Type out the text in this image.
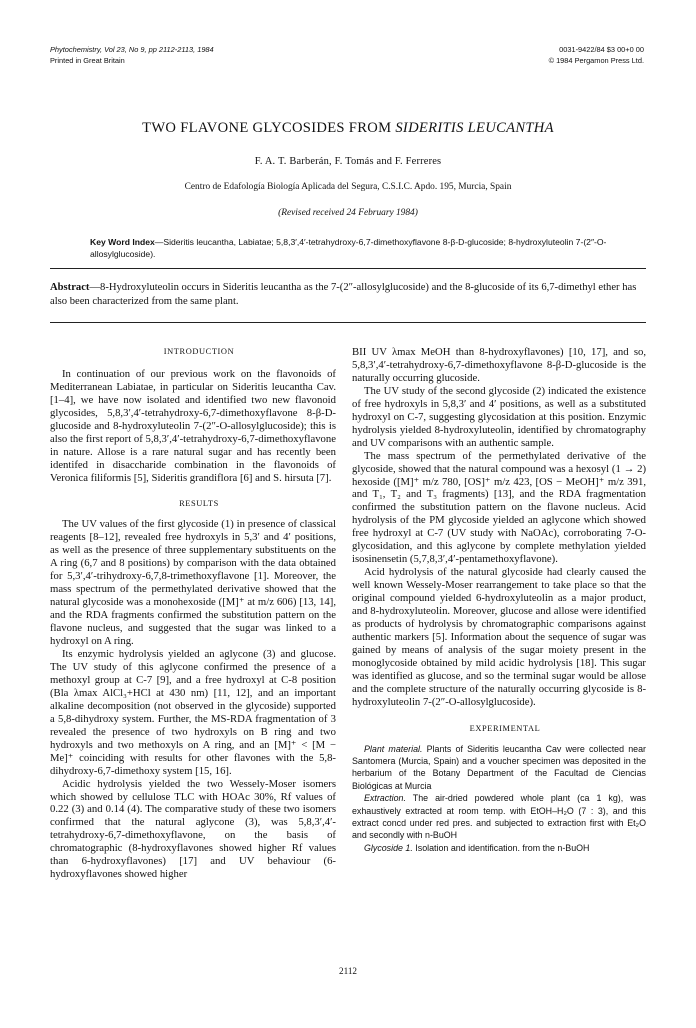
Phytochemistry, Vol 23, No 9, pp 2112-2113, 1984
Printed in Great Britain
0031-9422/84 $3 00+0 00
© 1984 Pergamon Press Ltd.
TWO FLAVONE GLYCOSIDES FROM SIDERITIS LEUCANTHA
F. A. T. Barberán, F. Tomás and F. Ferreres
Centro de Edafología Biología Aplicada del Segura, C.S.I.C. Apdo. 195, Murcia, Spain
(Revised received 24 February 1984)
Key Word Index—Sideritis leucantha, Labiatae; 5,8,3′,4′-tetrahydroxy-6,7-dimethoxyflavone 8-β-D-glucoside; 8-hydroxyluteolin 7-(2″-O-allosylglucoside).
Abstract—8-Hydroxyluteolin occurs in Sideritis leucantha as the 7-(2″-allosylglucoside) and the 8-glucoside of its 6,7-dimethyl ether has also been characterized from the same plant.

INTRODUCTION

In continuation of our previous work on the flavonoids of Mediterranean Labiatae, in particular on Sideritis leucantha Cav. [1–4], we have now isolated and identified two new flavonoid glycosides, 5,8,3′,4′-tetrahydroxy-6,7-dimethoxyflavone 8-β-D-glucoside and 8-hydroxyluteolin 7-(2″-O-allosylglucoside); this is also the first report of 5,8,3′,4′-tetrahydroxy-6,7-dimethoxyflavone in nature. Allose is a rare natural sugar and has recently been identifed in disaccharide combination in the flavonoids of Veronica filiformis [5], Sideritis grandiflora [6] and S. hirsuta [7].

RESULTS

The UV values of the first glycoside (1) in presence of classical reagents [8–12], revealed free hydroxyls in 5,3′ and 4′ positions, as well as the presence of three supplementary substituents on the A ring (6,7 and 8 positions) by comparison with the data obtained for 5,3′,4′-trihydroxy-6,7,8-trimethoxyflavone [1]. Moreover, the mass spectrum of the permethylated derivative showed that the natural glycoside was a monohexoside ([M]⁺ at m/z 606) [13, 14], and the RDA fragments confirmed the substitution pattern on the flavone nucleus, and suggested that the sugar was linked to a hydroxyl on A ring.

Its enzymic hydrolysis yielded an aglycone (3) and glucose. The UV study of this aglycone confirmed the presence of a methoxyl group at C-7 [9], and a free hydroxyl at C-8 position (Bla λmax AlCl₃+HCl at 430 nm) [11, 12], and an important alkaline decomposition (not observed in the glycoside) supported a 5,8-dihydroxy system. Further, the MS-RDA fragmentation of 3 revealed the presence of two hydroxyls on B ring and two hydroxyls and two methoxyls on A ring, and an [M]⁺ < [M − Me]⁺ coinciding with results for other flavones with the 5,8-dihydroxy-6,7-dimethoxy system [15, 16].

Acidic hydrolysis yielded the two Wessely-Moser isomers which showed by cellulose TLC with HOAc 30%, Rf values of 0.22 (3) and 0.14 (4). The comparative study of these two isomers confirmed that the natural aglycone (3), was 5,8,3′,4′-tetrahydroxy-6,7-dimethoxyflavone, on the basis of chromatographic (8-hydroxyflavones showed higher Rf values than 6-hydroxyflavones) [17] and UV behaviour (6-hydroxyflavones showed higher

BII UV λmax MeOH than 8-hydroxyflavones) [10, 17], and so, 5,8,3′,4′-tetrahydroxy-6,7-dimethoxyflavone 8-β-D-glucoside is the naturally occurring glucoside.

The UV study of the second glycoside (2) indicated the existence of free hydroxyls in 5,8,3′ and 4′ positions, as well as a substituted hydroxyl on C-7, suggesting glycosidation at this position. Enzymic hydrolysis yielded 8-hydroxyluteolin, identified by chromatography and UV comparisons with an authentic sample.

The mass spectrum of the permethylated derivative of the glycoside, showed that the natural compound was a hexosyl (1 → 2) hexoside ([M]⁺ m/z 780, [OS]⁺ m/z 423, [OS − MeOH]⁺ m/z 391, and T₁, T₂ and T₃ fragments) [13], and the RDA fragmentation confirmed the substitution pattern on the flavone nucleus. Acid hydrolysis of the PM glycoside yielded an aglycone which showed free hydroxyl at C-7 (UV study with NaOAc), corroborating 7-O-glycosidation, and this aglycone by complete methylation yielded isosinensetin (5,7,8,3′,4′-pentamethoxyflavone).

Acid hydrolysis of the natural glycoside had clearly caused the well known Wessely-Moser rearrangement to take place so that the original compound yielded 6-hydroxyluteolin as a major product, and 8-hydroxyluteolin. Moreover, glucose and allose were identified as products of hydrolysis by chromatographic comparisons against authentic markers [5]. Information about the sequence of sugar was gained by means of analysis of the sugar moiety present in the monoglycoside obtained by mild acidic hydrolysis [18]. This sugar was identified as glucose, and so the terminal sugar would be allose and the complete structure of the naturally occurring glycoside is 8-hydroxyluteolin 7-(2″-O-allosylglucoside).

EXPERIMENTAL

Plant material. Plants of Sideritis leucantha Cav were collected near Santomera (Murcia, Spain) and a voucher specimen was deposited in the herbarium of the Botany Department of the Facultad de Ciencias Biológicas at Murcia

Extraction. The air-dried powdered whole plant (ca 1 kg), was exhaustively extracted at room temp. with EtOH–H₂O (7 : 3), and this extract concd under red pres. and subjected to extraction first with Et₂O and secondly with n-BuOH

Glycoside 1. Isolation and identification. from the n-BuOH

2112
